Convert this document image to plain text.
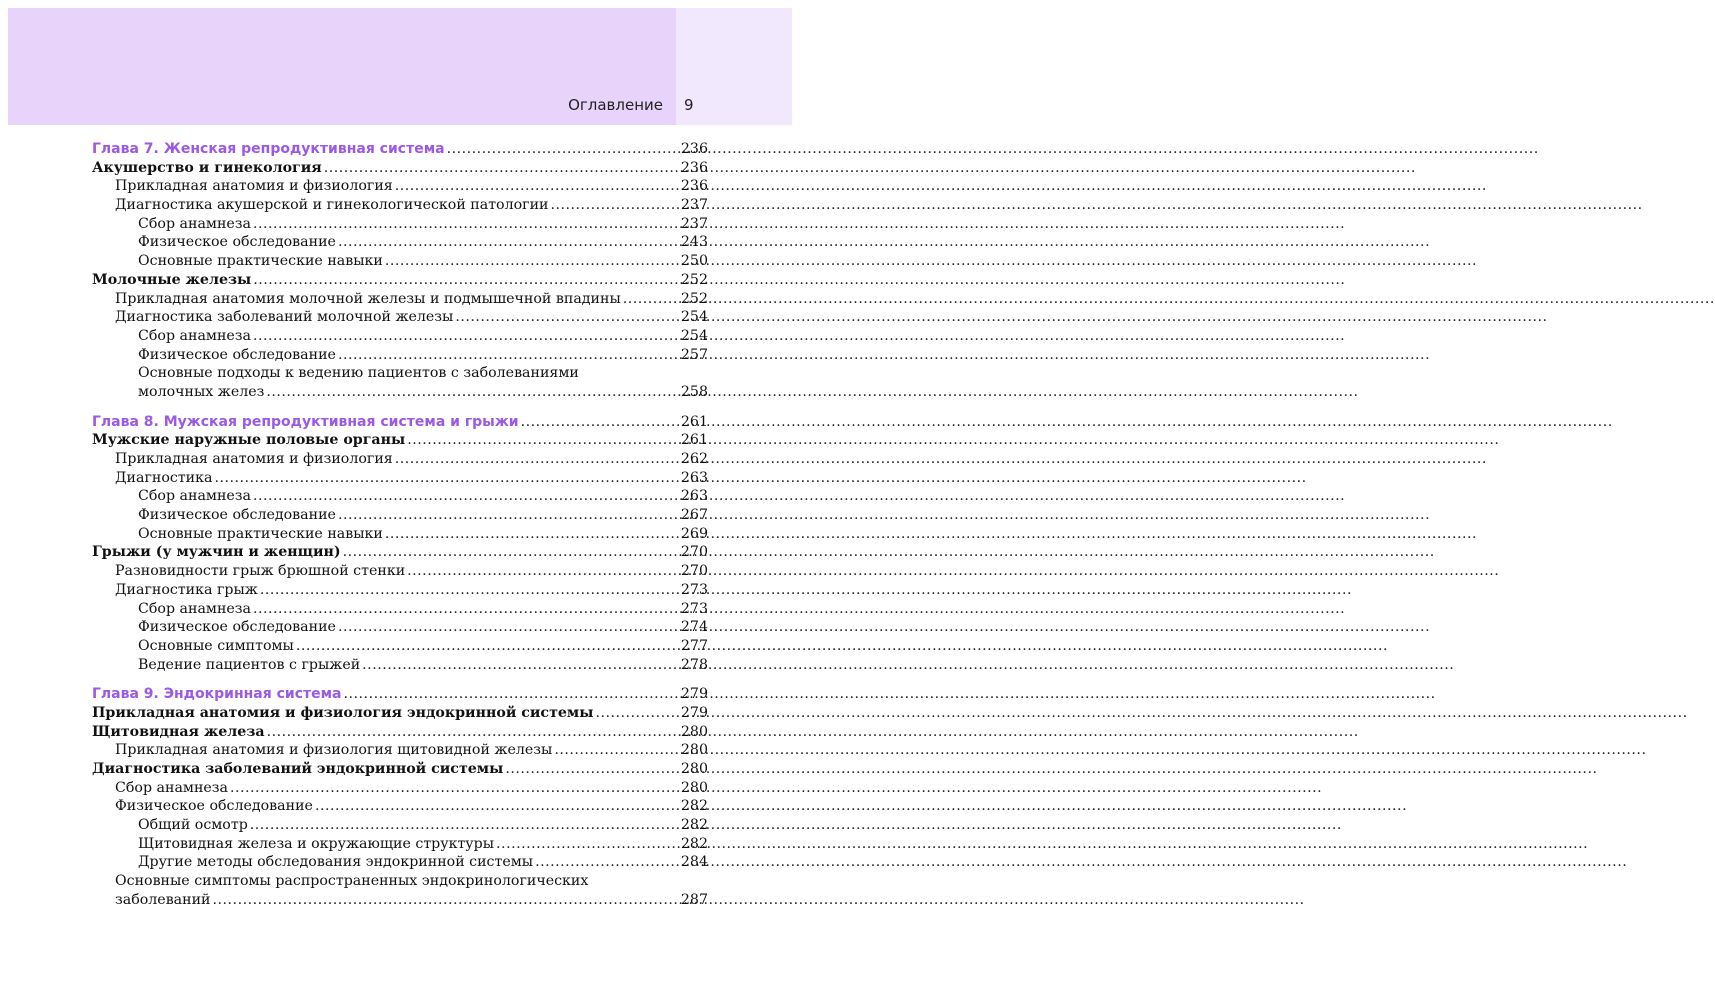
Оглавление 9
Глава 7. Женская репродуктивная система .....	236
Акушерство и гинекология .....	236
Прикладная анатомия и физиология .....	236
Диагностика акушерской и гинекологической патологии .....	237
Сбор анамнеза .....	237
Физическое обследование .....	243
Основные практические навыки .....	250
Молочные железы .....	252
Прикладная анатомия молочной железы и подмышечной впадины .....	252
Диагностика заболеваний молочной железы .....	254
Сбор анамнеза .....	254
Физическое обследование .....	257
Основные подходы к ведению пациентов с заболеваниями
молочных желез .....	258
Глава 8. Мужская репродуктивная система и грыжи .....	261
Мужские наружные половые органы .....	261
Прикладная анатомия и физиология .....	262
Диагностика .....	263
Сбор анамнеза .....	263
Физическое обследование .....	267
Основные практические навыки .....	269
Грыжи (у мужчин и женщин) .....	270
Разновидности грыж брюшной стенки .....	270
Диагностика грыж .....	273
Сбор анамнеза .....	273
Физическое обследование .....	274
Основные симптомы .....	277
Ведение пациентов с грыжей .....	278
Глава 9. Эндокринная система .....	279
Прикладная анатомия и физиология эндокринной системы .....	279
Щитовидная железа .....	280
Прикладная анатомия и физиология щитовидной железы .....	280
Диагностика заболеваний эндокринной системы .....	280
Сбор анамнеза .....	280
Физическое обследование .....	282
Общий осмотр .....	282
Щитовидная железа и окружающие структуры .....	282
Другие методы обследования эндокринной системы .....	284
Основные симптомы распространенных эндокринологических
заболеваний .....	287
